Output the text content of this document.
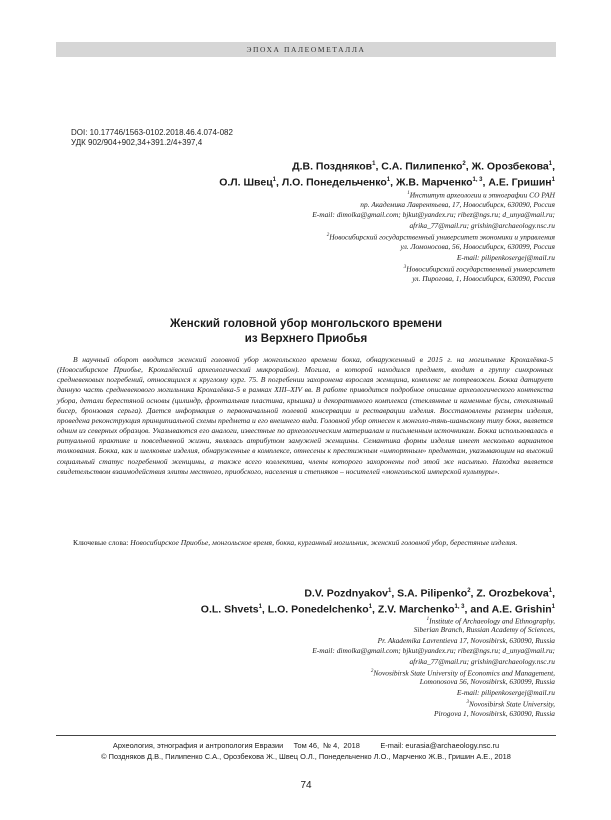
ЭПОХА ПАЛЕОМЕТАЛЛА
DOI: 10.17746/1563-0102.2018.46.4.074-082
УДК 902/904+902,34+391.2/4+397,4
Д.В. Поздняков$^1$, С.А. Пилипенко$^2$, Ж. Орозбекова$^1$,
О.Л. Швец$^1$, Л.О. Понедельченко$^1$, Ж.В. Марченко$^{1, 3}$, А.Е. Гришин$^1$
$^1$Институт археологии и этнографии СО РАН
пр. Академика Лаврентьева, 17, Новосибирск, 630090, Россия
E-mail: dimolka@gmail.com; bjkut@yandex.ru; ribez@ngs.ru; d_unya@mail.ru;
afrika_77@mail.ru; grishin@archaeology.nsc.ru
$^2$Новосибирский государственный университет экономики и управления
ул. Ломоносова, 56, Новосибирск, 630099, Россия
E-mail: pilipenkosergej@mail.ru
$^3$Новосибирский государственный университет
ул. Пирогова, 1, Новосибирск, 630090, Россия
Женский головной убор монгольского времени
из Верхнего Приобья

В научный оборот вводится женский головной убор монгольского времени бокка, обнаруженный в 2015 г. на могильнике Крохалёвка-5 (Новосибирское Приобье, Крохалёвский археологический микрорайон). Могила, в которой находился предмет, входит в группу синхронных средневековых погребений, относящихся к круглому кург. 75. В погребении захоронена взрослая женщина, комплекс не потревожен. Бокка датирует данную часть средневекового могильника Крохалёвка-5 в рамках XIII–XIV вв. В работе приводится подробное описание археологического контекста убора, детали берестяной основы (цилиндр, фронтальная пластина, крышка) и декоративного комплекса (стеклянные и каменные бусы, стеклянный бисер, бронзовая серьга). Дается информация о первоначальной полевой консервации и реставрации изделия. Восстановлены размеры изделия, проведена реконструкция принципиальной схемы предмета и его внешнего вида. Головной убор отнесен к монголо-тянь-шаньскому типу бокк, является одним из северных образцов. Указываются его аналоги, известные по археологическим материалам и письменным источникам. Бокка использовалась в ритуальной практике и повседневной жизни, являлась атрибутом замужней женщины. Семантика формы изделия имеет несколько вариантов толкования. Бокка, как и шелковые изделия, обнаруженные в комплексе, отнесены к престижным «импортным» предметам, указывающим на высокий социальный статус погребенной женщины, а также всего коллектива, члены которого захоронены под этой же насыпью. Находка является свидетельством взаимодействия элиты местного, приобского, населения и степняков – носителей «монгольской имперской культуры».

Ключевые слова: Новосибирское Приобье, монгольское время, бокка, курганный могильник, женский головной убор, берестяные изделия.

D.V. Pozdnyakov$^1$, S.A. Pilipenko$^2$, Z. Orozbekova$^1$,
O.L. Shvets$^1$, L.O. Ponedelchenko$^1$, Z.V. Marchenko$^{1, 3}$, and A.E. Grishin$^1$
$^1$Institute of Archaeology and Ethnography,
Siberian Branch, Russian Academy of Sciences,
Pr. Akademika Lavrentieva 17, Novosibirsk, 630090, Russia
E-mail: dimolka@gmail.com; bjkut@yandex.ru; ribez@ngs.ru; d_unya@mail.ru;
afrika_77@mail.ru; grishin@archaeology.nsc.ru
$^2$Novosibirsk State University of Economics and Management,
Lomonosova 56, Novosibirsk, 630099, Russia
E-mail: pilipenkosergej@mail.ru
$^3$Novosibirsk State University,
Pirogova 1, Novosibirsk, 630090, Russia
Археология, этнография и антропология Евразии     Том 46,  № 4,  2018          E-mail: eurasia@archaeology.nsc.ru
© Поздняков Д.В., Пилипенко С.А., Орозбекова Ж., Швец О.Л., Понедельченко Л.О., Марченко Ж.В., Гришин А.Е., 2018
74
